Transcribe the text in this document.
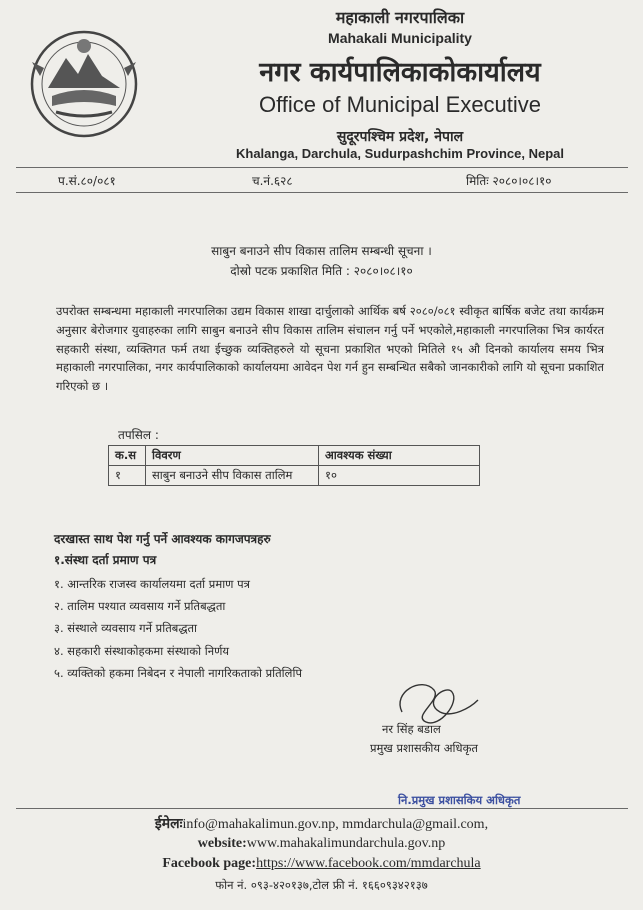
महाकाली नगरपालिका
Mahakali Municipality
नगर कार्यपालिकाकोकार्यालय
Office of Municipal Executive
सुदूरपश्चिम प्रदेश, नेपाल
Khalanga, Darchula, Sudurpashchim Province, Nepal
प.सं.८०/०८१	च.नं.६२८	मितिः २०८०।०८।१०
साबुन बनाउने सीप विकास तालिम सम्बन्धी सूचना ।
दोस्रो पटक प्रकाशित मिति : २०८०।०८।१०
उपरोक्त सम्बन्धमा महाकाली नगरपालिका उद्यम विकास शाखा दार्चुलाको आर्थिक बर्ष २०८०/०८१ स्वीकृत बार्षिक बजेट तथा कार्यक्रम अनुसार बेरोजगार युवाहरुका लागि साबुन बनाउने सीप विकास तालिम संचालन गर्नु पर्ने भएकोले,महाकाली नगरपालिका भित्र कार्यरत सहकारी संस्था, व्यक्तिगत फर्म तथा ईच्छुक व्यक्तिहरुले यो सूचना प्रकाशित भएको मितिले १५ औ दिनको कार्यालय समय भित्र महाकाली नगरपालिका, नगर कार्यपालिकाको कार्यालयमा आवेदन पेश गर्न हुन सम्बन्धित सबैको जानकारीको लागि यो सूचना प्रकाशित गरिएको छ ।
तपसिल :
क.स	विवरण	आवश्यक संख्या
१	साबुन बनाउने सीप विकास तालिम	१०
दरखास्त साथ पेश गर्नु पर्ने आवश्यक कागजपत्रहरु
१.संस्था दर्ता प्रमाण पत्र
१. आन्तरिक राजस्व कार्यालयमा दर्ता प्रमाण पत्र
२. तालिम पश्यात व्यवसाय गर्ने प्रतिबद्धता
३. संस्थाले व्यवसाय गर्ने प्रतिबद्धता
४. सहकारी संस्थाकोहकमा संस्थाको निर्णय
५. व्यक्तिको हकमा निबेदन र नेपाली नागरिकताको प्रतिलिपि
नर सिंह बडाल
प्रमुख प्रशासकीय अधिकृत
नि.प्रमुख प्रशासकिय अधिकृत
ईमेलःinfo@mahakalimun.gov.np, mmdarchula@gmail.com,
website:www.mahakalimundarchula.gov.np
Facebook page:https://www.facebook.com/mmdarchula
फोन नं. ०९३-४२०१३७,टोल फ्री नं. १६६०९३४२१३७
